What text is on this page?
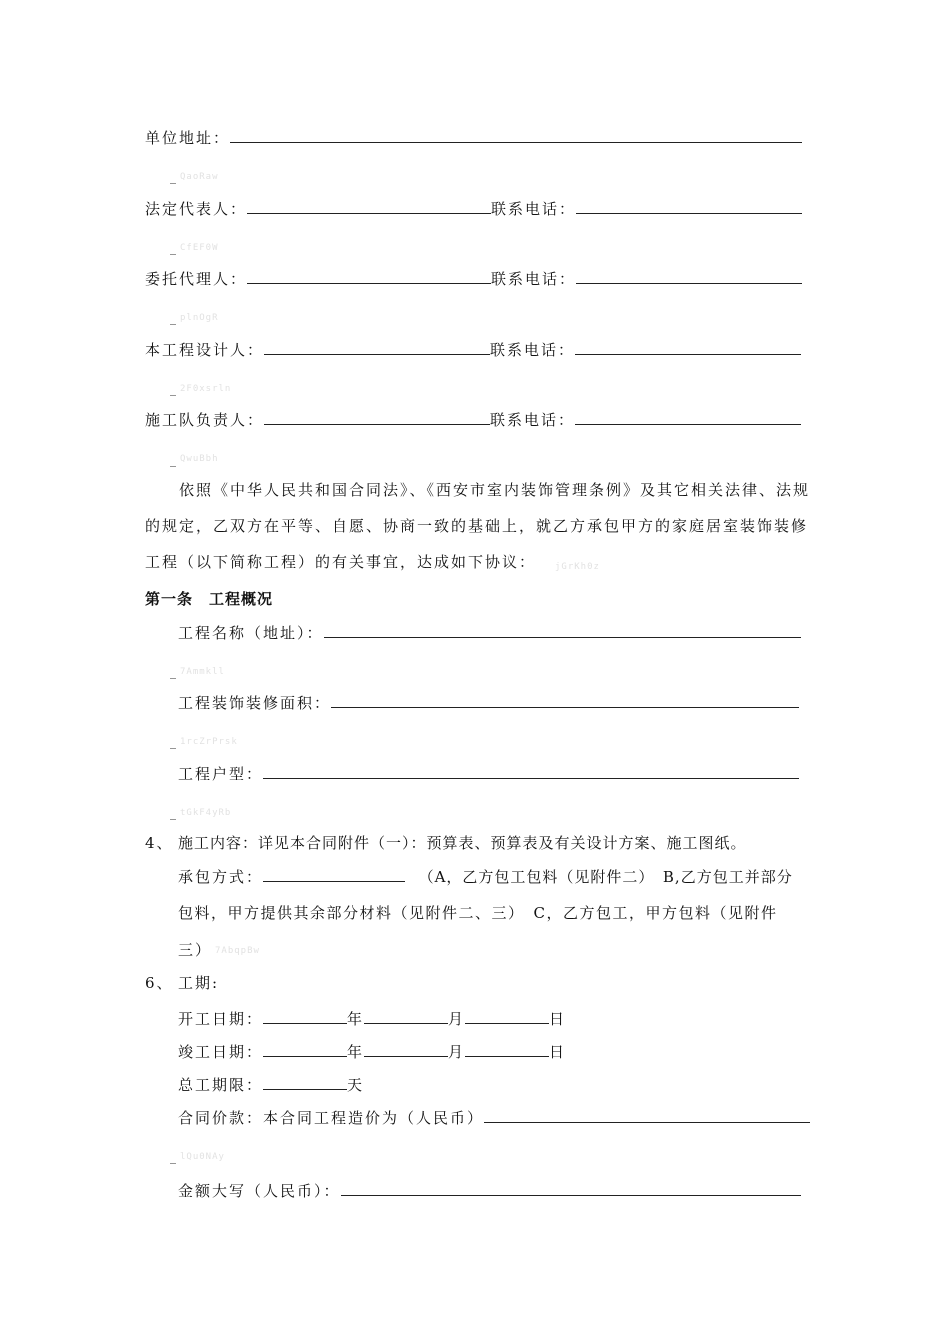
单位地址：
_ QaoRaw
法定代表人：	联系电话：
_ CfEF0W
委托代理人：	联系电话：
_ plnOgR
本工程设计人：	联系电话：
_ 2F0xsrln
施工队负责人：	联系电话：
_ QwuBbh
依照《中华人民共和国合同法》、《西安市室内装饰管理条例》及其它相关法律、法规的规定，乙双方在平等、自愿、协商一致的基础上，就乙方承包甲方的家庭居室装饰装修工程（以下简称工程）的有关事宜，达成如下协议：	jGrKh0z
第一条　工程概况
工程名称（地址）：
_ 7Ammkll
工程装饰装修面积：
_ 1rcZrPrsk
工程户型：
_ tGkF4yRb
4、 施工内容：详见本合同附件（一）：预算表、预算表及有关设计方案、施工图纸。
承包方式：	（A，乙方包工包料（见附件二）　B,乙方包工并部分
包料，甲方提供其余部分材料（见附件二、三）　C，乙方包工，甲方包料（见附件
三） 7AbqpBw
6、 工期:
开工日期：	年	月	日
竣工日期：	年	月	日
总工期限：	天
合同价款：本合同工程造价为（人民币）
_ lQu0NAy
金额大写（人民币）：
